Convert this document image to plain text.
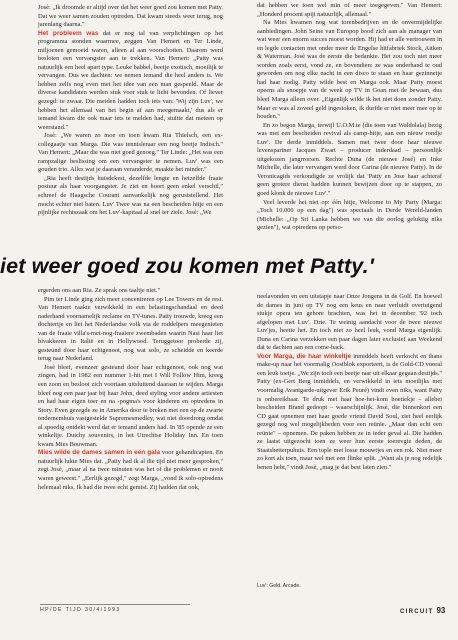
Josè: „Ik droomde er altijd over dat het weer goed zou komen met Patty. Dat we weer samen zouden optreden. Dat kwam steeds weer terug, nog jarenlang daarna."

Het probleem was dat er nog tal van verplichtingen op het programma stonden waarmee, zeggen Van Hemert en Ter Linde, miljoenen gemoeid waren, alleen al aan voorschotten. Daarom werd besloten een vervangster aan te trekken. Van Hemert: „Patty was natuurlijk een heel apart type. Leuke babbel, beetje exotisch, moeilijk te vervangen. Dus we dachten: we nemen iemand die heel anders is. We hebben zelfs nog even met het idee van een man gespeeld. Maar de diverse kandidaten werden stuk voor stuk te licht bevonden. Of liever gezegd: te zwaar. Die meiden hadden toch iets van: 'Wij zijn Luv', we hebben het allemaal van het begin af aan meegemaakt,' dus als er iemand kwam die ook maar iets te melden had, stuitte dat meteen op weerstand."

Josè: „We waren zo moe en toen kwam Ria Thielsch, een ex-collegaatje van Marga. Die was tennisleraar een nog beetje Indisch." Van Hemert: „Maar die was niet goed genoeg." Ter Linde: „Het was een rampzalige beslissing om een vervangster te nemen. Luv' was een gouden trio. Alles wat je daaraan veranderde, maakte het minder."

„Ria heeft destijds huisdekest, dezelfde lengte en hetzelfde fraaie postuur als haar voorgangster. Je ziet en hoort geen enkel verschil," schreef de Haagsche Courant aanvankelijk nog geruststellend. Het mocht echter niet baten. Luv' Twee was na een bescheiden hitje en een pijnlijke rechtszaak om het Luv'-kapitaal al snel ter ziele. Josè: „We

dat hebben we toen wel min of meer toegegeven." Van Hemert: „Honderd procent spijt natuurlijk, allemaal."

Na Mies kwamen nog wat torenbedrijven en de onvermijdelijke aanbiedingen. John Seine van Europop bood zich aan als manager van wat weer een enorm succes moest worden. Hij had er alle vertrouwen in en legde contacten met onder meer de Engelse hitfabriek Stock, Aitken & Waterman. Josè was de eerste die bedankte. Het zou toch niet meer worden zoals eerst, vond ze, en bovendien: ze was onderhand te oud geworden om nog elke nacht in een disco te staan en haar gezinnetje had haar nodig. Patty wilde best en Marga ook. Maar Patty moest opeens als snoepje van de week op TV in Goan met de bewaan, dus bleef Marga alleen over. „Eigenlijk wilde ik het niet doen zonder Patty. Maar er was al zoveel geld ingestoken, ik durfde er niet meer mee op te houden."

En zo begon Marga, terwijl U.O.M.te (die toen van Waldolala) bezig was met een bescheiden revival als camp-hitje, aan een nieuw rondje Luv'. De derde inmiddels. Samen met twee door haar nieuwe levenspartner Jacques Zwart – producer inderdaad – persoonlijk uitgekozen jangrrorsen. Rechte Duna (de nieuwe José) en Inke Michelle, die later vervangen werd door Carina (de nieuwe Patty). In de Veronicagids verkondigde ze vrolijk dat 'Patty en Jose haar achteraf geen grotere dienst hadden kunnen bewijzen door op te stappen, zo goed klonk de nieuwe Luv'."

Veel leverde het niet op: één hitje, Welcome to My Party (Marga: „Toch 10.000 op een dag") was speciaals in Derde Wereld-landen (Michelle: „Op Sri Lanka hebben we van die oorlog geluktig niks gezien"), wat optredens op perso-

iet weer goed zou komen met Patty.'

ergerden ons aan Ria. Ze sprak ons taaltje niet."

Pim ter Linde ging zich meer concentreren op Lee Towers en de rest. Van Hemert raakte verwikkeld in een belastingschandaal en deed naderhand voornamelijk reclame en TV-tunes. Patty trouwde, kreeg een dochtertje en liet het Nederlandse volk via de roddelpers meegenieten van de fraaie villa's-met-nog-fraaiere zwembaden waarin Nasi haar liet bivakkeren in Italië en in Hollywood. Teruggetoor proberde zij, gesteund door haar echtgenoot, nog wat solo, ze scheidde en keerde terug naar Nederland.

Josè bleef, evenzeer gesteund door haar echtgenoot, ook nog wat zingen, had in 1982 een nummer 1-hit met I Will Follow Him, kreeg een zoon en besloot zich voortaan uitsluitend daaraan te wijden. Marga bleef nog een paar jaar bij haar John, deed styling voor andere artiesten en had haar eigen toer en na -pogma's voor kinderen en optredens in Story. Even gezegde ze in Amerika door te breken met een op de zwarte ondernemhuis vastgestelde Supremesmedley, wat niet doordrong omdat al spoedig ontdekt werd dat er iemand anders had. In '85 opende ze een winkeltje. Dutchy souvenirs, in het Utrechtse Holiday Inn. En toen kwam Mies Bouwman.

Mies wilde de dames samen in een gala voor gehandicapten. En natuurlijk lukte Mies dat. „Patty had ik al die tijd niet meer gesproken," zegt Josè, „maar al na twee minuten was het of die problemen er nooit waren geweest." „Eerlijk gezegd," zegt Marga, „vond ik solo-optredens helemaal niks. Ik had die twee echt gemist. Zij hadden dat ook,

neelavonden en een uitstapje naar Onze Jongens in de Golf. En hoewel de dames in juni op TV nog een keus en naar verluidt overtuigend stukje opera ten gehore brachten, was het in december '92 toch afgelopen met Luv'. Drie. Te weinig aandacht voor de twee nieuwe Luv'jes, heette het. En toch niet zo heel leuk, vond Marga eigenlijk. Duna en Carina verzekken een paar dagen later exclusief aan Weekend dat te dachten aan een come-back.

Voor Marga, die haar winkeltje inmiddels heeft verkocht en thans make-up naar het voormalig Oostblok exporteert, is de Gold-CD vooral een leuk toetje. „We zijn toch een beetje raar uit elkaar gegaan destijds." Patty (ex-Gert Berg inmiddels, en verwikkeld in iets moeilijks met voormalig Avantgarde-uitgever Erik Peuré) vindt even niks, want Patty is onbereikbaar. Te druk met haar hoe-het-kom boetiekje – allebei bescheiden Brand gedoopt – waarschijnlijk. Josè, die binnenkort een CD gaat opnemen met haar goede vriend David Soul, ziet heel eerlijk gezegd nog wel mogelijkheden voor een reünie. „Maar dan echt een reünie" – opnemen. De paken hebben ze in ieder geval al. Die hadden ze laatst uitgezocht toen ze weer hun eerste toerevgie deden, de Staatsbetterpuhuis. Een tople met losse mouwtjes en een rok. Niet meer zo kort als toen, maar wel met een flinke split. „Want als je nog redelijk benen hebt," vindt Josè, „mag je dat best laten zien."

Luv': Geld. Arcade.
HP/DE TIJD 30/4/1993	CIRCUIT 93
